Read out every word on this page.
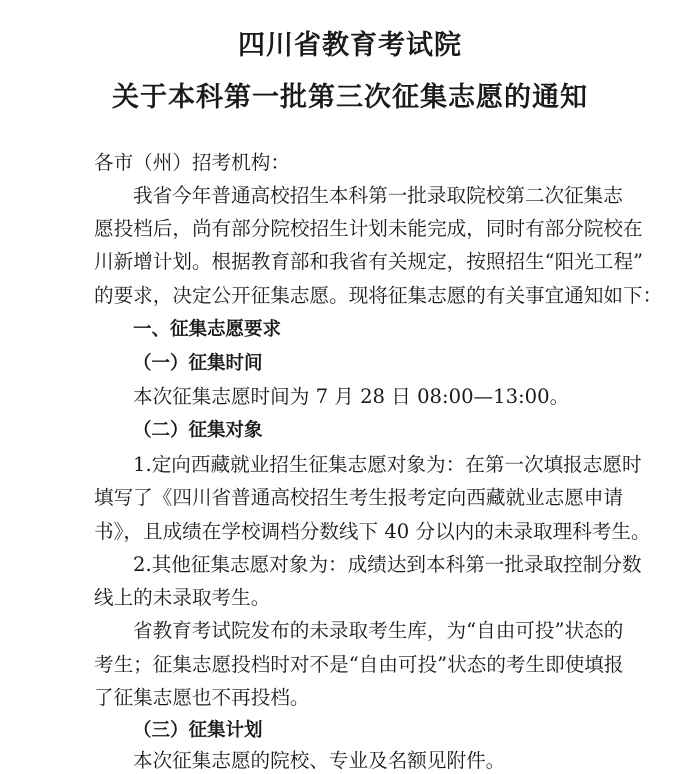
四川省教育考试院
关于本科第一批第三次征集志愿的通知
各市（州）招考机构：
我省今年普通高校招生本科第一批录取院校第二次征集志
愿投档后，尚有部分院校招生计划未能完成，同时有部分院校在
川新增计划。根据教育部和我省有关规定，按照招生“阳光工程”
的要求，决定公开征集志愿。现将征集志愿的有关事宜通知如下：
一、征集志愿要求
（一）征集时间
本次征集志愿时间为 7 月 28 日 08:00—13:00。
（二）征集对象
1.定向西藏就业招生征集志愿对象为：在第一次填报志愿时
填写了《四川省普通高校招生考生报考定向西藏就业志愿申请
书》，且成绩在学校调档分数线下 40 分以内的未录取理科考生。
2.其他征集志愿对象为：成绩达到本科第一批录取控制分数
线上的未录取考生。
省教育考试院发布的未录取考生库，为“自由可投”状态的
考生；征集志愿投档时对不是“自由可投”状态的考生即使填报
了征集志愿也不再投档。
（三）征集计划
本次征集志愿的院校、专业及名额见附件。
